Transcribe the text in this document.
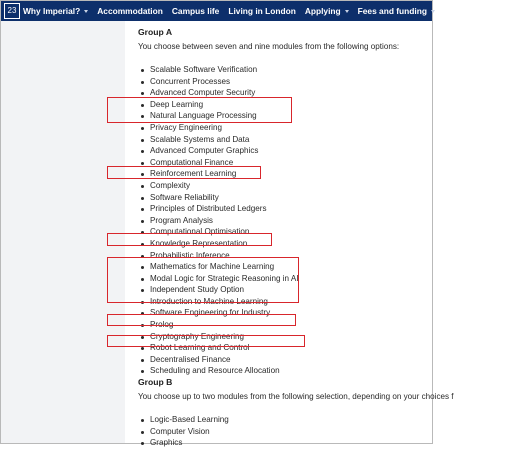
23 Why Imperial? Accommodation Campus life Living in London Applying Fees and funding Events and visits
Group A
You choose between seven and nine modules from the following options:
Scalable Software Verification
Concurrent Processes
Advanced Computer Security
Deep Learning
Natural Language Processing
Privacy Engineering
Scalable Systems and Data
Advanced Computer Graphics
Computational Finance
Reinforcement Learning
Complexity
Software Reliability
Principles of Distributed Ledgers
Program Analysis
Computational Optimisation
Knowledge Representation
Probabilistic Inference
Mathematics for Machine Learning
Modal Logic for Strategic Reasoning in AI
Independent Study Option
Introduction to Machine Learning
Software Engineering for Industry
Prolog
Cryptography Engineering
Robot Learning and Control
Decentralised Finance
Scheduling and Resource Allocation
Group B
You choose up to two modules from the following selection, depending on your choices f
Logic-Based Learning
Computer Vision
Graphics
